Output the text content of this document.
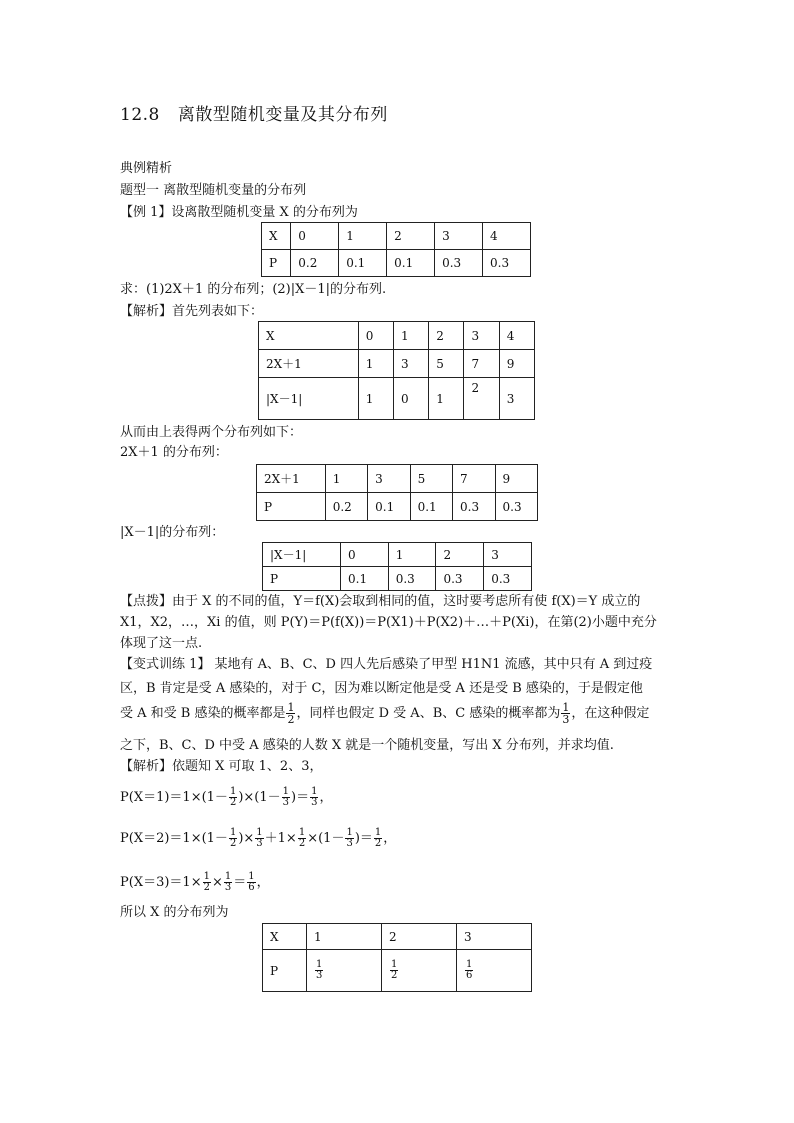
12.8 离散型随机变量及其分布列
典例精析
题型一 离散型随机变量的分布列
【例 1】设离散型随机变量 X 的分布列为
X	0	1	2	3	4
P	0.2	0.1	0.1	0.3	0.3
求：(1)2X＋1 的分布列；(2)|X－1|的分布列.
【解析】首先列表如下：
X	0	1	2	3	4
2X＋1	1	3	5	7	9
|X－1|	1	0	1	2	3
从而由上表得两个分布列如下：
2X＋1 的分布列：
2X＋1	1	3	5	7	9
P	0.2	0.1	0.1	0.3	0.3
|X－1|的分布列：
|X－1|	0	1	2	3
P	0.1	0.3	0.3	0.3
【点拨】由于 X 的不同的值，Y＝f(X)会取到相同的值，这时要考虑所有使 f(X)＝Y 成立的
X1，X2，…，Xi 的值，则 P(Y)＝P(f(X))＝P(X1)＋P(X2)＋…＋P(Xi)，在第(2)小题中充分
体现了这一点.
【变式训练 1】 某地有 A、B、C、D 四人先后感染了甲型 H1N1 流感，其中只有 A 到过疫
区，B 肯定是受 A 感染的，对于 C，因为难以断定他是受 A 还是受 B 感染的，于是假定他
受 A 和受 B 感染的概率都是 $\frac{1}{2}$ ，同样也假定 D 受 A、B、C 感染的概率都为 $\frac{1}{3}$ ，在这种假定
之下，B、C、D 中受 A 感染的人数 X 就是一个随机变量，写出 X 分布列，并求均值.
【解析】依题知 X 可取 1、2、3，
$P(X=1)=1\times(1- \frac{1}{2} )\times(1- \frac{1}{3}$ )＝ $\frac{1}{3}$ ，
$P(X=2)=1\times(1- \frac{1}{2}$ )× $\frac{1}{3} +1\times \frac{1}{2} \times(1- \frac{1}{3}$ )＝ $\frac{1}{2}$ ，
$P(X=3)=1\times \frac{1}{2} \times \frac{1}{3} = \frac{1}{6}$ ，
所以 X 的分布列为
X	1	2	3
P	$\frac{1}{3}$	$\frac{1}{2}$	$\frac{1}{6}$
